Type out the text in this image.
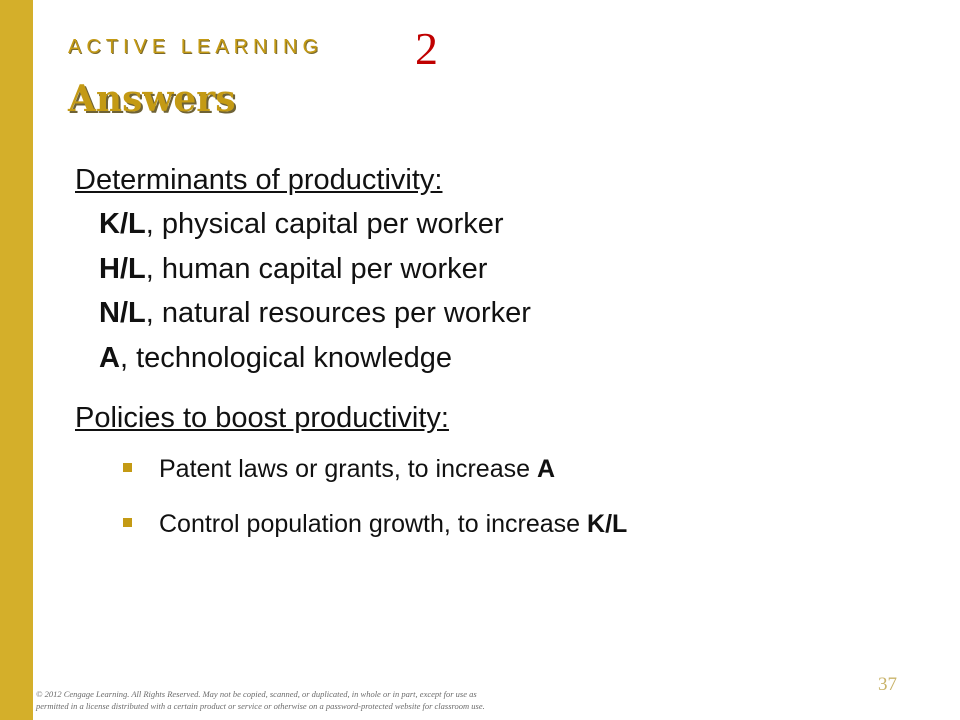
ACTIVE LEARNING 2
Answers
Determinants of productivity:
K/L, physical capital per worker
H/L, human capital per worker
N/L, natural resources per worker
A, technological knowledge
Policies to boost productivity:
Patent laws or grants, to increase A
Control population growth, to increase K/L
37
© 2012 Cengage Learning. All Rights Reserved. May not be copied, scanned, or duplicated, in whole or in part, except for use as
permitted in a license distributed with a certain product or service or otherwise on a password-protected website for classroom use.
